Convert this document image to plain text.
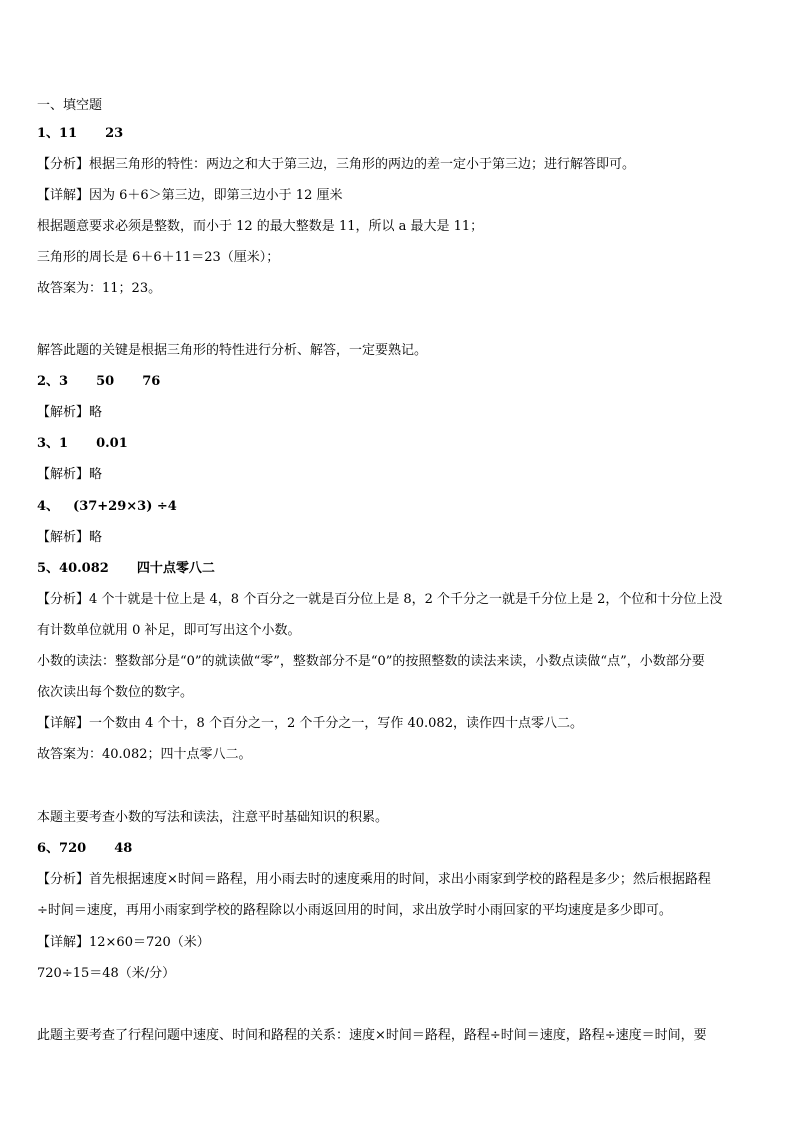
一、填空题
1、11 23
【分析】根据三角形的特性：两边之和大于第三边，三角形的两边的差一定小于第三边；进行解答即可。
【详解】因为 6＋6＞第三边，即第三边小于 12 厘米
根据题意要求必须是整数，而小于 12 的最大整数是 11，所以 a 最大是 11；
三角形的周长是 6＋6＋11＝23（厘米）；
故答案为：11；23。
解答此题的关键是根据三角形的特性进行分析、解答，一定要熟记。
2、3 50 76
【解析】略
3、1 0.01
【解析】略
4、 (37+29×3) ÷4
【解析】略
5、40.082 四十点零八二
【分析】4 个十就是十位上是 4，8 个百分之一就是百分位上是 8，2 个千分之一就是千分位上是 2，个位和十分位上没
有计数单位就用 0 补足，即可写出这个小数。
小数的读法：整数部分是“0”的就读做“零”，整数部分不是“0”的按照整数的读法来读，小数点读做“点”，小数部分要
依次读出每个数位的数字。
【详解】一个数由 4 个十，8 个百分之一，2 个千分之一，写作 40.082，读作四十点零八二。
故答案为：40.082；四十点零八二。
本题主要考查小数的写法和读法，注意平时基础知识的积累。
6、720 48
【分析】首先根据速度×时间＝路程，用小雨去时的速度乘用的时间，求出小雨家到学校的路程是多少；然后根据路程
÷时间＝速度，再用小雨家到学校的路程除以小雨返回用的时间，求出放学时小雨回家的平均速度是多少即可。
【详解】12×60＝720（米）
720÷15＝48（米/分）
此题主要考查了行程问题中速度、时间和路程的关系：速度×时间＝路程，路程÷时间＝速度，路程÷速度＝时间，要
